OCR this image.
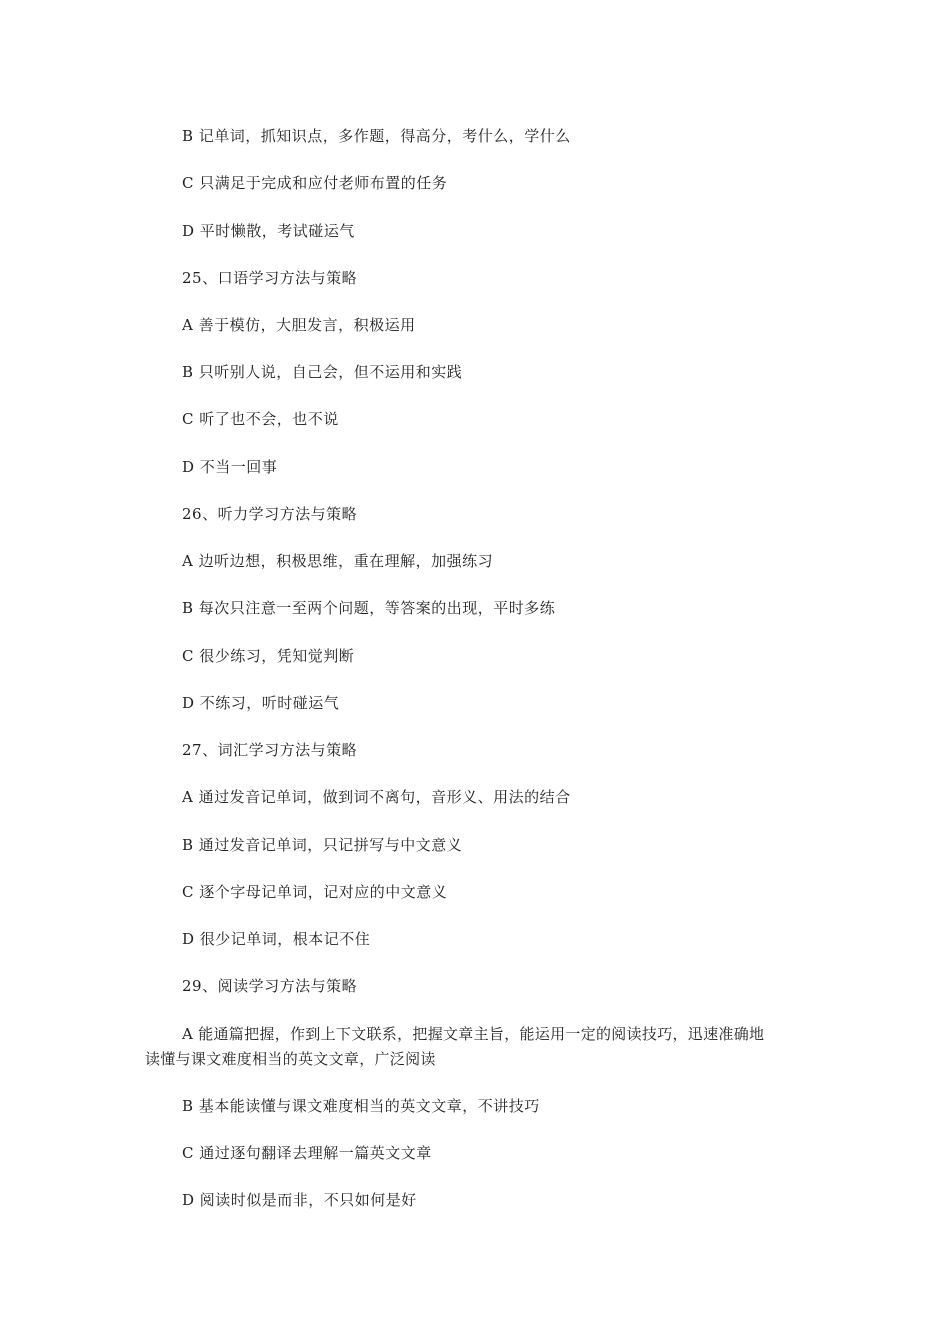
B 记单词，抓知识点，多作题，得高分，考什么，学什么
C 只满足于完成和应付老师布置的任务
D 平时懒散，考试碰运气
25、口语学习方法与策略
A 善于模仿，大胆发言，积极运用
B 只听别人说，自己会，但不运用和实践
C 听了也不会，也不说
D 不当一回事
26、听力学习方法与策略
A 边听边想，积极思维，重在理解，加强练习
B 每次只注意一至两个问题，等答案的出现，平时多练
C 很少练习，凭知觉判断
D 不练习，听时碰运气
27、词汇学习方法与策略
A 通过发音记单词，做到词不离句，音形义、用法的结合
B 通过发音记单词，只记拼写与中文意义
C 逐个字母记单词，记对应的中文意义
D 很少记单词，根本记不住
29、阅读学习方法与策略
A 能通篇把握，作到上下文联系，把握文章主旨，能运用一定的阅读技巧，迅速准确地
读懂与课文难度相当的英文文章，广泛阅读
B 基本能读懂与课文难度相当的英文文章，不讲技巧
C 通过逐句翻译去理解一篇英文文章
D 阅读时似是而非，不只如何是好
